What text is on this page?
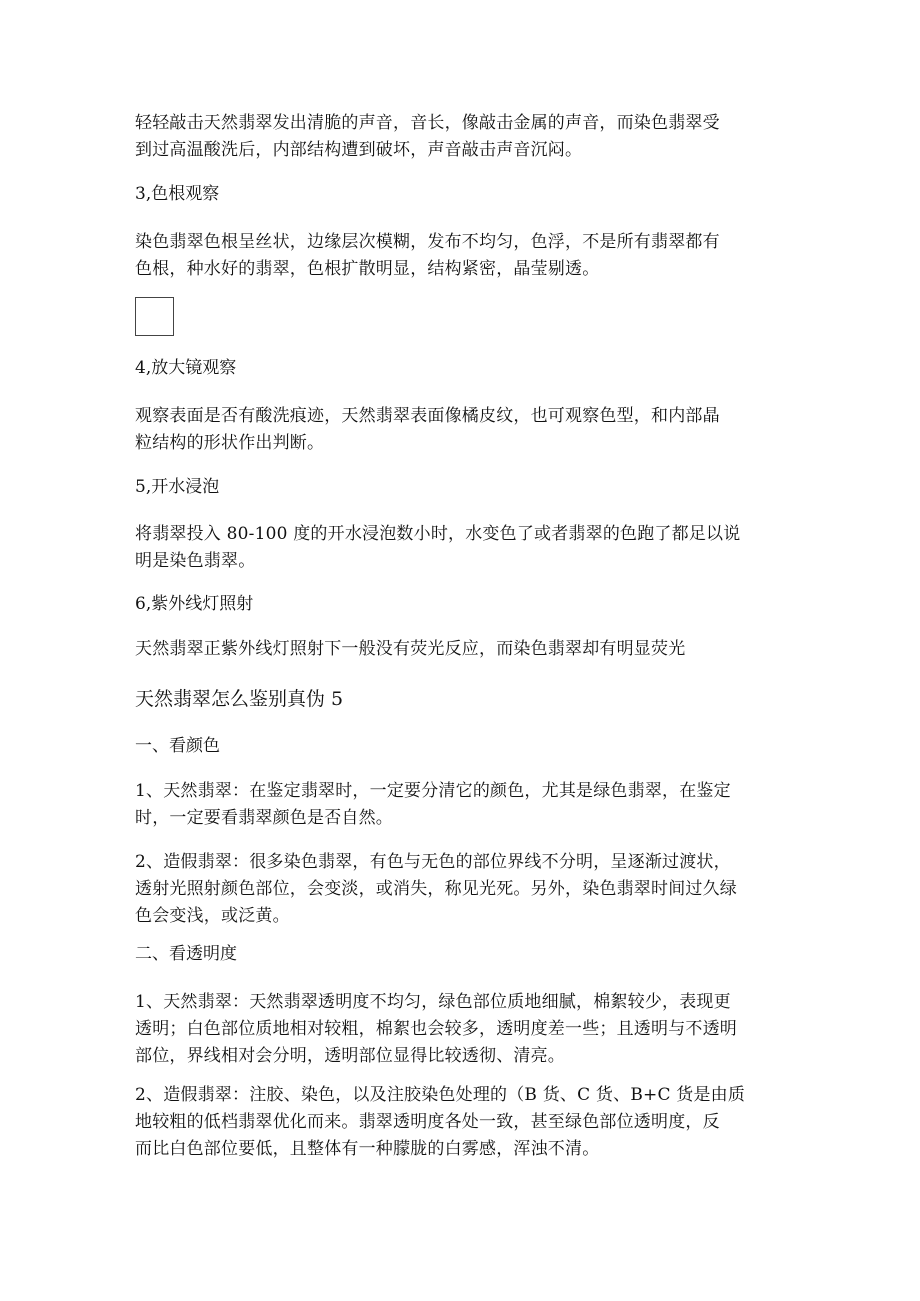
轻轻敲击天然翡翠发出清脆的声音，音长，像敲击金属的声音，而染色翡翠受
到过高温酸洗后，内部结构遭到破坏，声音敲击声音沉闷。
3,色根观察
染色翡翠色根呈丝状，边缘层次模糊，发布不均匀，色浮，不是所有翡翠都有
色根，种水好的翡翠，色根扩散明显，结构紧密，晶莹剔透。
4,放大镜观察
观察表面是否有酸洗痕迹，天然翡翠表面像橘皮纹，也可观察色型，和内部晶
粒结构的形状作出判断。
5,开水浸泡
将翡翠投入 80-100 度的开水浸泡数小时，水变色了或者翡翠的色跑了都足以说
明是染色翡翠。
6,紫外线灯照射
天然翡翠正紫外线灯照射下一般没有荧光反应，而染色翡翠却有明显荧光
天然翡翠怎么鉴别真伪 5
一、看颜色
1、天然翡翠：在鉴定翡翠时，一定要分清它的颜色，尤其是绿色翡翠，在鉴定
时，一定要看翡翠颜色是否自然。
2、造假翡翠：很多染色翡翠，有色与无色的部位界线不分明，呈逐渐过渡状，
透射光照射颜色部位，会变淡，或消失，称见光死。另外，染色翡翠时间过久绿
色会变浅，或泛黄。
二、看透明度
1、天然翡翠：天然翡翠透明度不均匀，绿色部位质地细腻，棉絮较少，表现更
透明；白色部位质地相对较粗，棉絮也会较多，透明度差一些；且透明与不透明
部位，界线相对会分明，透明部位显得比较透彻、清亮。
2、造假翡翠：注胶、染色，以及注胶染色处理的（B 货、C 货、B+C 货是由质
地较粗的低档翡翠优化而来。翡翠透明度各处一致，甚至绿色部位透明度，反
而比白色部位要低，且整体有一种朦胧的白雾感，浑浊不清。
